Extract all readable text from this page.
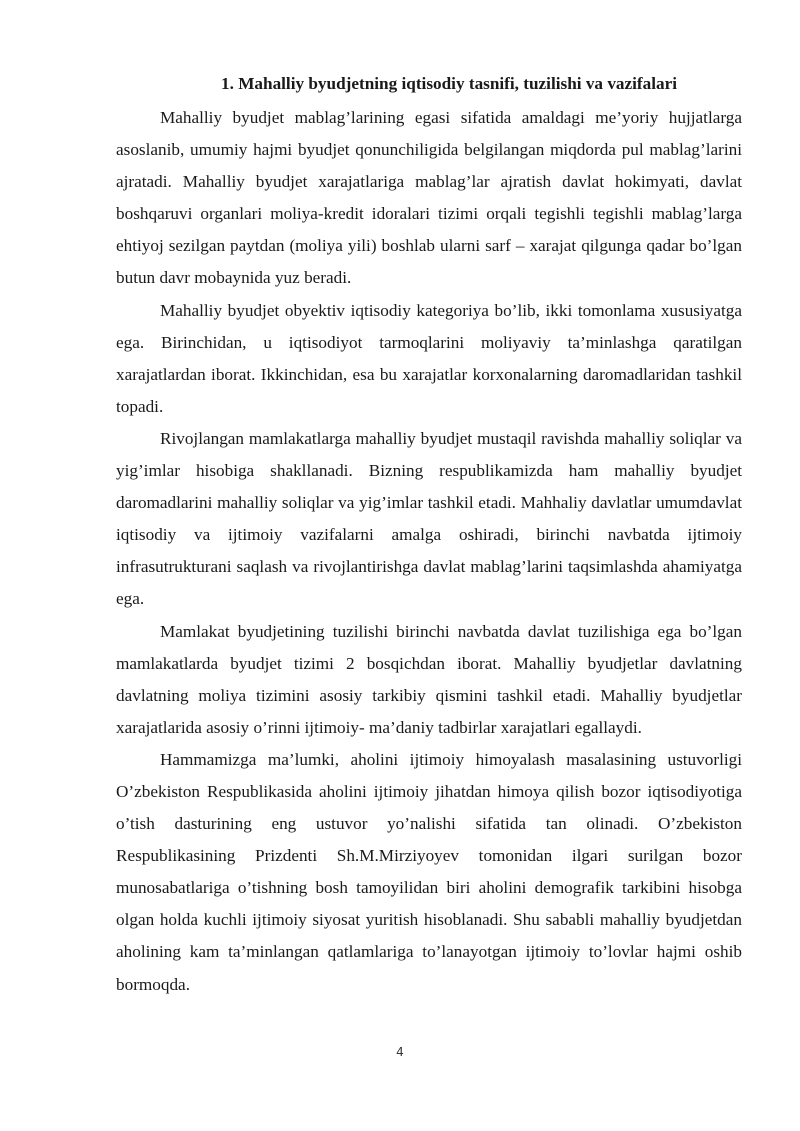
1. Mahalliy byudjetning iqtisodiy tasnifi, tuzilishi va vazifalari

Mahalliy byudjet mablag’larining egasi sifatida amaldagi me’yoriy hujjatlarga asoslanib, umumiy hajmi byudjet qonunchiligida belgilangan miqdorda pul mablag’larini ajratadi. Mahalliy byudjet xarajatlariga mablag’lar ajratish davlat hokimyati, davlat boshqaruvi organlari moliya-kredit idoralari tizimi orqali tegishli tegishli mablag’larga ehtiyoj sezilgan paytdan (moliya yili) boshlab ularni sarf – xarajat qilgunga qadar bo’lgan butun davr mobaynida yuz beradi.

Mahalliy byudjet obyektiv iqtisodiy kategoriya bo’lib, ikki tomonlama xususiyatga ega. Birinchidan, u iqtisodiyot tarmoqlarini moliyaviy ta’minlashga qaratilgan xarajatlardan iborat. Ikkinchidan, esa bu xarajatlar korxonalarning daromadlaridan tashkil topadi.

Rivojlangan mamlakatlarga mahalliy byudjet mustaqil ravishda mahalliy soliqlar va yig’imlar hisobiga shakllanadi. Bizning respublikamizda ham mahalliy byudjet daromadlarini mahalliy soliqlar va yig’imlar tashkil etadi. Mahhaliy davlatlar umumdavlat iqtisodiy va ijtimoiy vazifalarni amalga oshiradi, birinchi navbatda ijtimoiy infrasutrukturani saqlash va rivojlantirishga davlat mablag’larini taqsimlashda ahamiyatga ega.

Mamlakat byudjetining tuzilishi birinchi navbatda davlat tuzilishiga ega bo’lgan mamlakatlarda byudjet tizimi 2 bosqichdan iborat. Mahalliy byudjetlar davlatning davlatning moliya tizimini asosiy tarkibiy qismini tashkil etadi. Mahalliy byudjetlar xarajatlarida asosiy o’rinni ijtimoiy- ma’daniy tadbirlar xarajatlari egallaydi.

Hammamizga ma’lumki, aholini ijtimoiy himoyalash masalasining ustuvorligi O’zbekiston Respublikasida aholini ijtimoiy jihatdan himoya qilish bozor iqtisodiyotiga o’tish dasturining eng ustuvor yo’nalishi sifatida tan olinadi. O’zbekiston Respublikasining Prizdenti Sh.M.Mirziyoyev tomonidan ilgari surilgan bozor munosabatlariga o’tishning bosh tamoyilidan biri aholini demografik tarkibini hisobga olgan holda kuchli ijtimoiy siyosat yuritish hisoblanadi. Shu sababli mahalliy byudjetdan aholining kam ta’minlangan qatlamlariga to’lanayotgan ijtimoiy to’lovlar hajmi oshib bormoqda.

4
